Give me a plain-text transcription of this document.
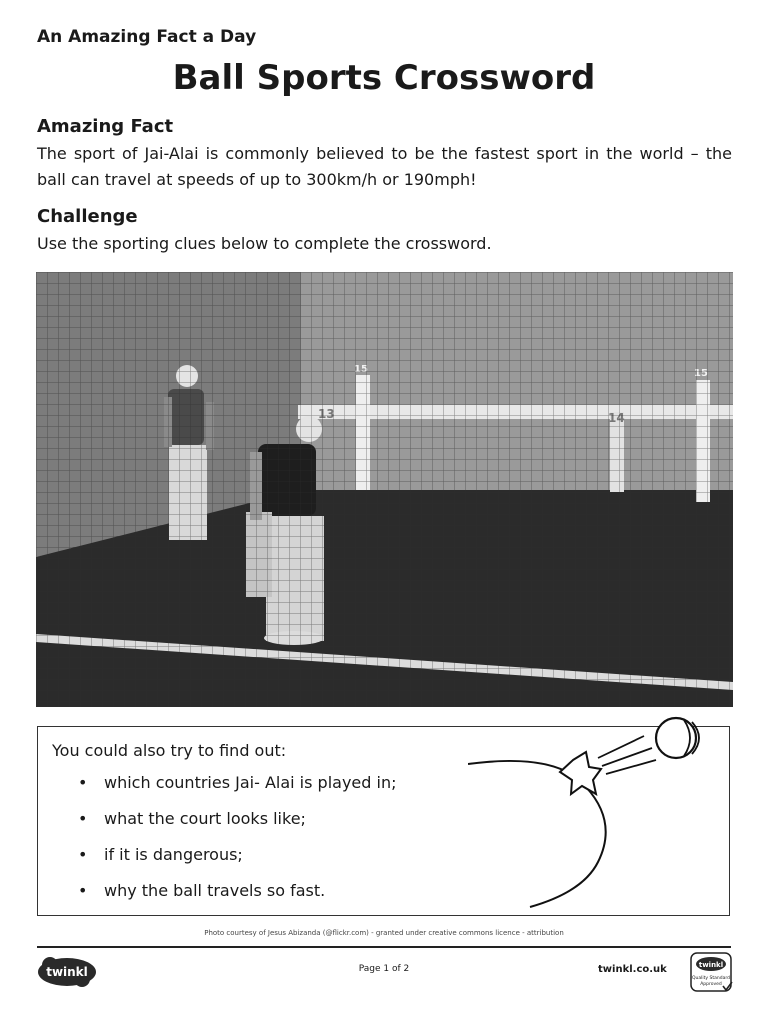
An Amazing Fact a Day
Ball Sports Crossword
Amazing Fact
The sport of Jai-Alai is commonly believed to be the fastest sport in the world – the ball can travel at speeds of up to 300km/h or 190mph!
Challenge
Use the sporting clues below to complete the crossword.
You could also try to find out:
• which countries Jai- Alai is played in;
• what the court looks like;
• if it is dangerous;
• why the ball travels so fast.
Photo courtesy of Jesus Abizanda (@flickr.com) - granted under creative commons licence - attribution
twinkl	Page 1 of 2	twinkl.co.uk	twinkl
Quality Standard
Approved
